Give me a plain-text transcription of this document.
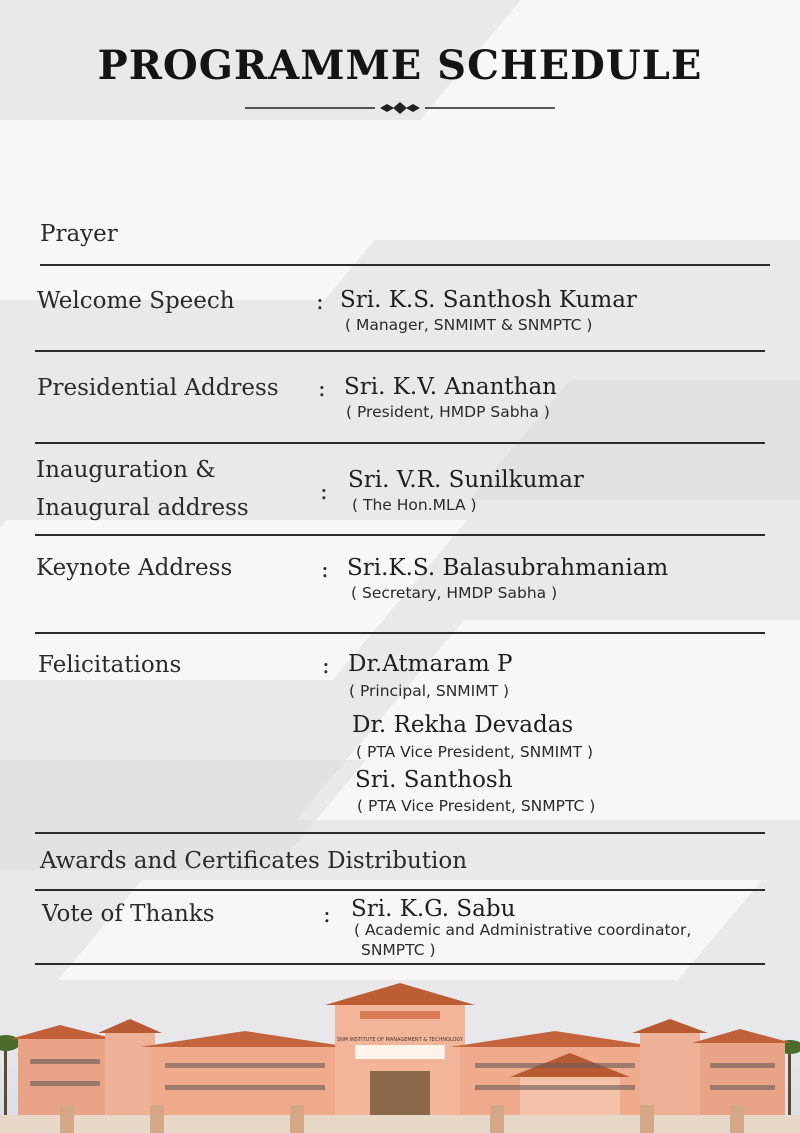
PROGRAMME SCHEDULE
Prayer
Welcome Speech	: Sri. K.S. Santhosh Kumar
( Manager, SNMIMT & SNMPTC )
Presidential Address : Sri. K.V. Ananthan
( President, HMDP Sabha )
Inauguration &
Inaugural address
: Sri. V.R. Sunilkumar
( The Hon.MLA )
Keynote Address	: Sri.K.S. Balasubrahmaniam
( Secretary, HMDP Sabha )
Felicitations	: Dr.Atmaram P
( Principal, SNMIMT )
Dr. Rekha Devadas
( PTA Vice President, SNMIMT )
Sri. Santhosh
( PTA Vice President, SNMPTC )
Awards and Certificates Distribution
Vote of Thanks	: Sri. K.G. Sabu
( Academic and Administrative coordinator,
SNMPTC )
SNM INSTITUTE OF MANAGEMENT & TECHNOLOGY
